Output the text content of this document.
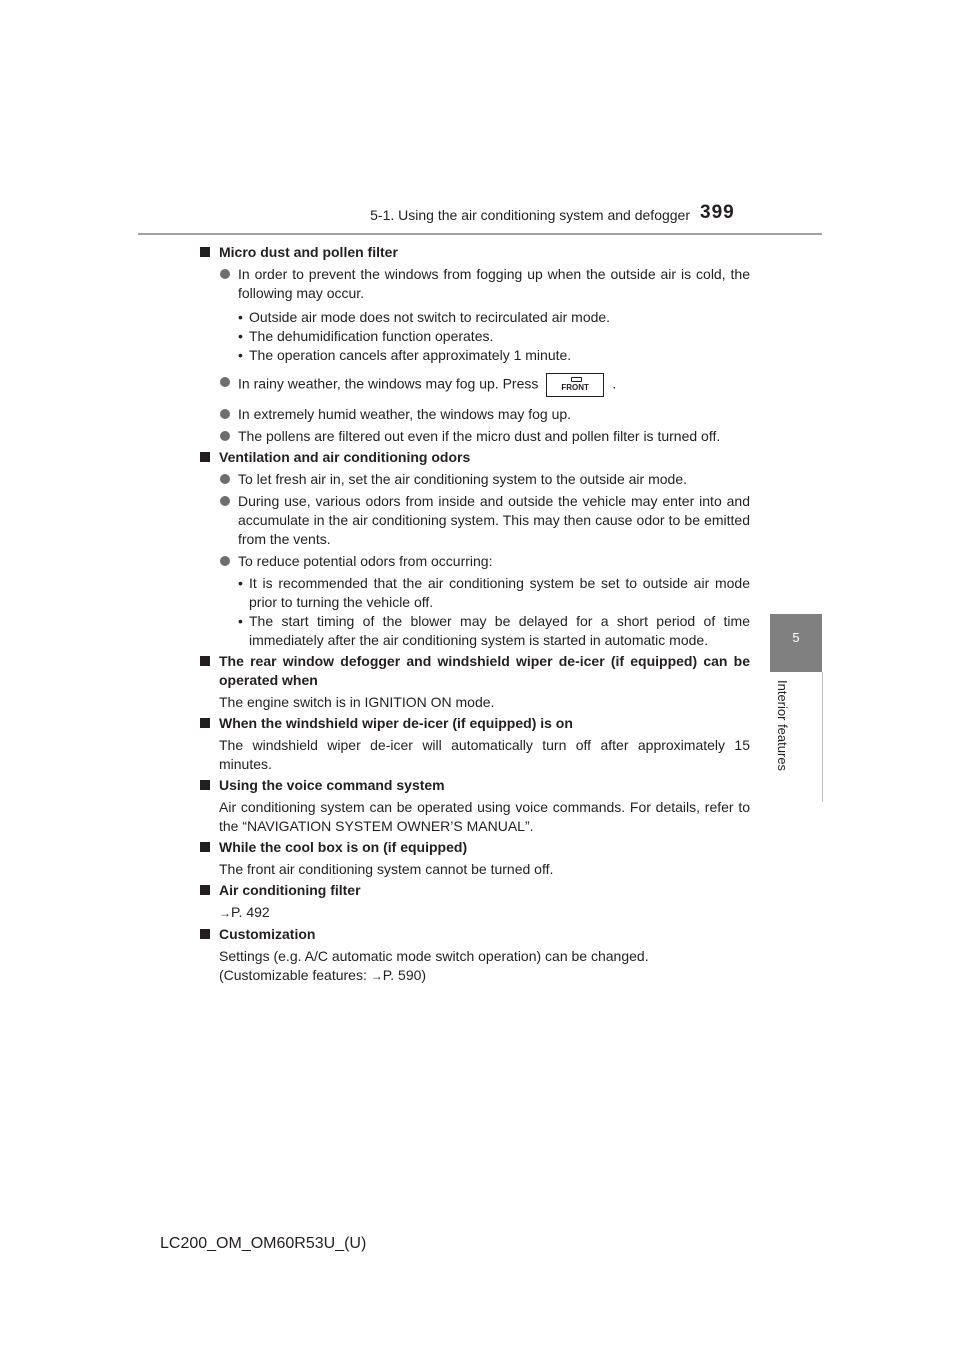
5-1. Using the air conditioning system and defogger 399
5
Interior features

Micro dust and pollen filter

In order to prevent the windows from fogging up when the outside air is cold, the following may occur.

• Outside air mode does not switch to recirculated air mode.

• The dehumidification function operates.

• The operation cancels after approximately 1 minute.

In rainy weather, the windows may fog up. Press	FRONT .

In extremely humid weather, the windows may fog up.

The pollens are filtered out even if the micro dust and pollen filter is turned off.

Ventilation and air conditioning odors

To let fresh air in, set the air conditioning system to the outside air mode.

During use, various odors from inside and outside the vehicle may enter into and accumulate in the air conditioning system. This may then cause odor to be emitted from the vents.

To reduce potential odors from occurring:

• It is recommended that the air conditioning system be set to outside air mode prior to turning the vehicle off.

• The start timing of the blower may be delayed for a short period of time immediately after the air conditioning system is started in automatic mode.

The rear window defogger and windshield wiper de-icer (if equipped) can be operated when

The engine switch is in IGNITION ON mode.

When the windshield wiper de-icer (if equipped) is on

The windshield wiper de-icer will automatically turn off after approximately 15 minutes.

Using the voice command system

Air conditioning system can be operated using voice commands. For details, refer to the “NAVIGATION SYSTEM OWNER’S MANUAL”.

While the cool box is on (if equipped)

The front air conditioning system cannot be turned off.

Air conditioning filter

→P. 492

Customization

Settings (e.g. A/C automatic mode switch operation) can be changed.

(Customizable features: →P. 590)

LC200_OM_OM60R53U_(U)
